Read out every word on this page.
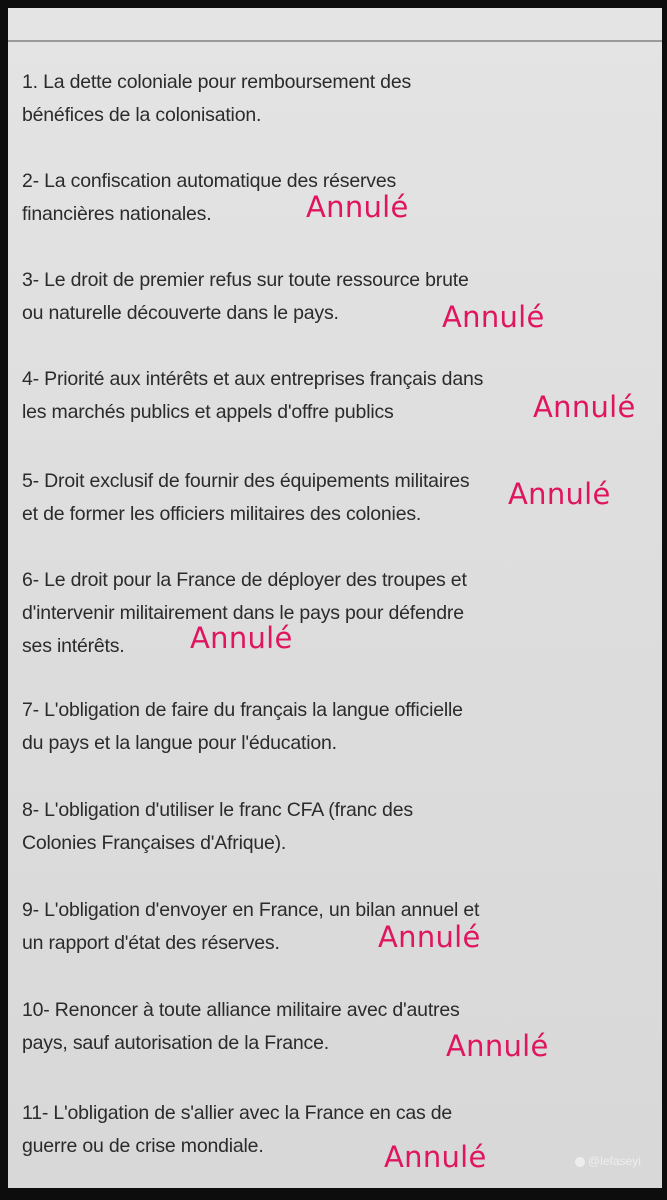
1. La dette coloniale pour remboursement des
bénéfices de la colonisation.
2- La confiscation automatique des réserves
financières nationales.	Annulé
3- Le droit de premier refus sur toute ressource brute
ou naturelle découverte dans le pays.	Annulé
4- Priorité aux intérêts et aux entreprises français dans
les marchés publics et appels d'offre publics	Annulé
5- Droit exclusif de fournir des équipements militaires
et de former les officiers militaires des colonies.
Annulé
6- Le droit pour la France de déployer des troupes et
d'intervenir militairement dans le pays pour défendre
ses intérêts.	Annulé
7- L'obligation de faire du français la langue officielle
du pays et la langue pour l'éducation.
8- L'obligation d'utiliser le franc CFA (franc des
Colonies Françaises d'Afrique).
9- L'obligation d'envoyer en France, un bilan annuel et
un rapport d'état des réserves.	Annulé
10- Renoncer à toute alliance militaire avec d'autres
pays, sauf autorisation de la France.	Annulé
11- L'obligation de s'allier avec la France en cas de
guerre ou de crise mondiale.	Annulé	@lefaseyi
